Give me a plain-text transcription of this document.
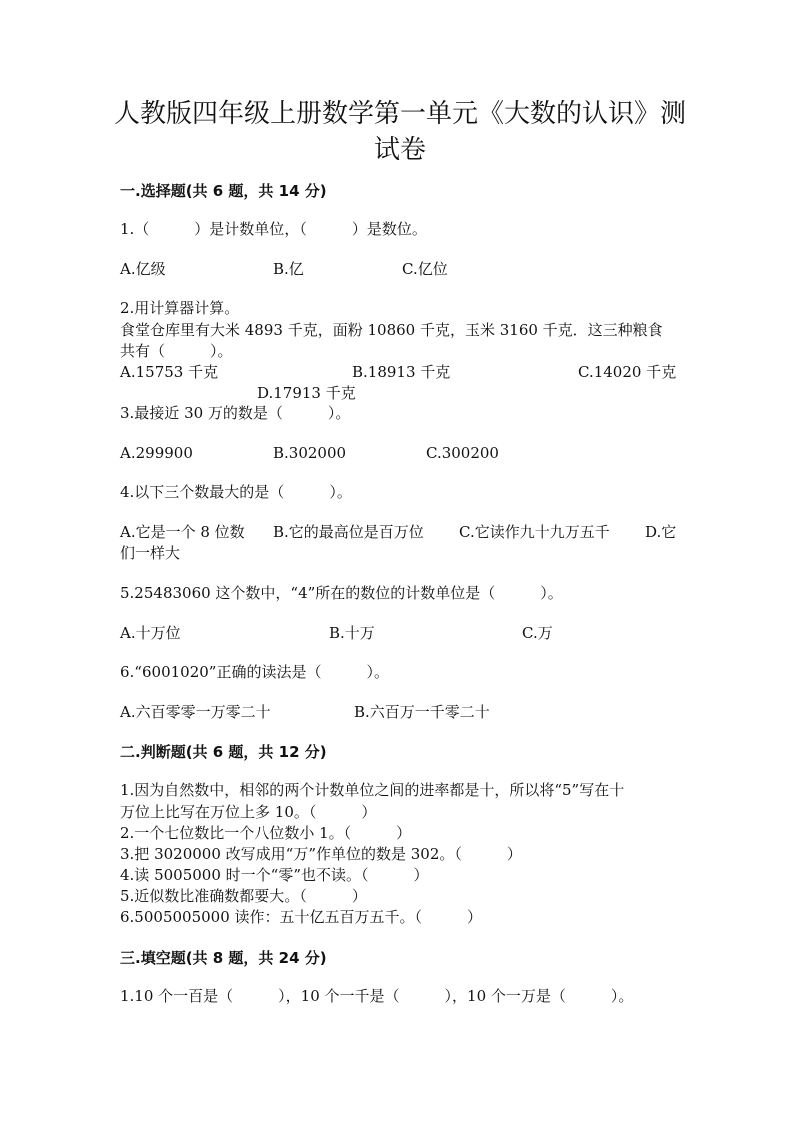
人教版四年级上册数学第一单元《大数的认识》测
试卷
一.选择题(共 6 题，共 14 分)
1.（　　　）是计数单位，（　　　）是数位。
A.亿级	B.亿	C.亿位
2.用计算器计算。
食堂仓库里有大米 4893 千克，面粉 10860 千克，玉米 3160 千克．这三种粮食
共有（　　　）。
A.15753 千克	B.18913 千克	C.14020 千克
D.17913 千克
3.最接近 30 万的数是（　　　）。
A.299900	B.302000	C.300200
4.以下三个数最大的是（　　　）。
A.它是一个 8 位数 B.它的最高位是百万位 C.它读作九十九万五千 D.它
们一样大
5.25483060 这个数中，“4”所在的数位的计数单位是（　　　）。
A.十万位	B.十万	C.万
6.“6001020”正确的读法是（　　　）。
A.六百零零一万零二十	B.六百万一千零二十
二.判断题(共 6 题，共 12 分)
1.因为自然数中，相邻的两个计数单位之间的进率都是十，所以将“5”写在十
万位上比写在万位上多 10。（　　　）
2.一个七位数比一个八位数小 1。（　　　）
3.把 3020000 改写成用“万”作单位的数是 302。（　　　）
4.读 5005000 时一个“零”也不读。（　　　）
5.近似数比准确数都要大。（　　　）
6.5005005000 读作：五十亿五百万五千。（　　　）
三.填空题(共 8 题，共 24 分)
1.10 个一百是（　　　），10 个一千是（　　　），10 个一万是（　　　）。
